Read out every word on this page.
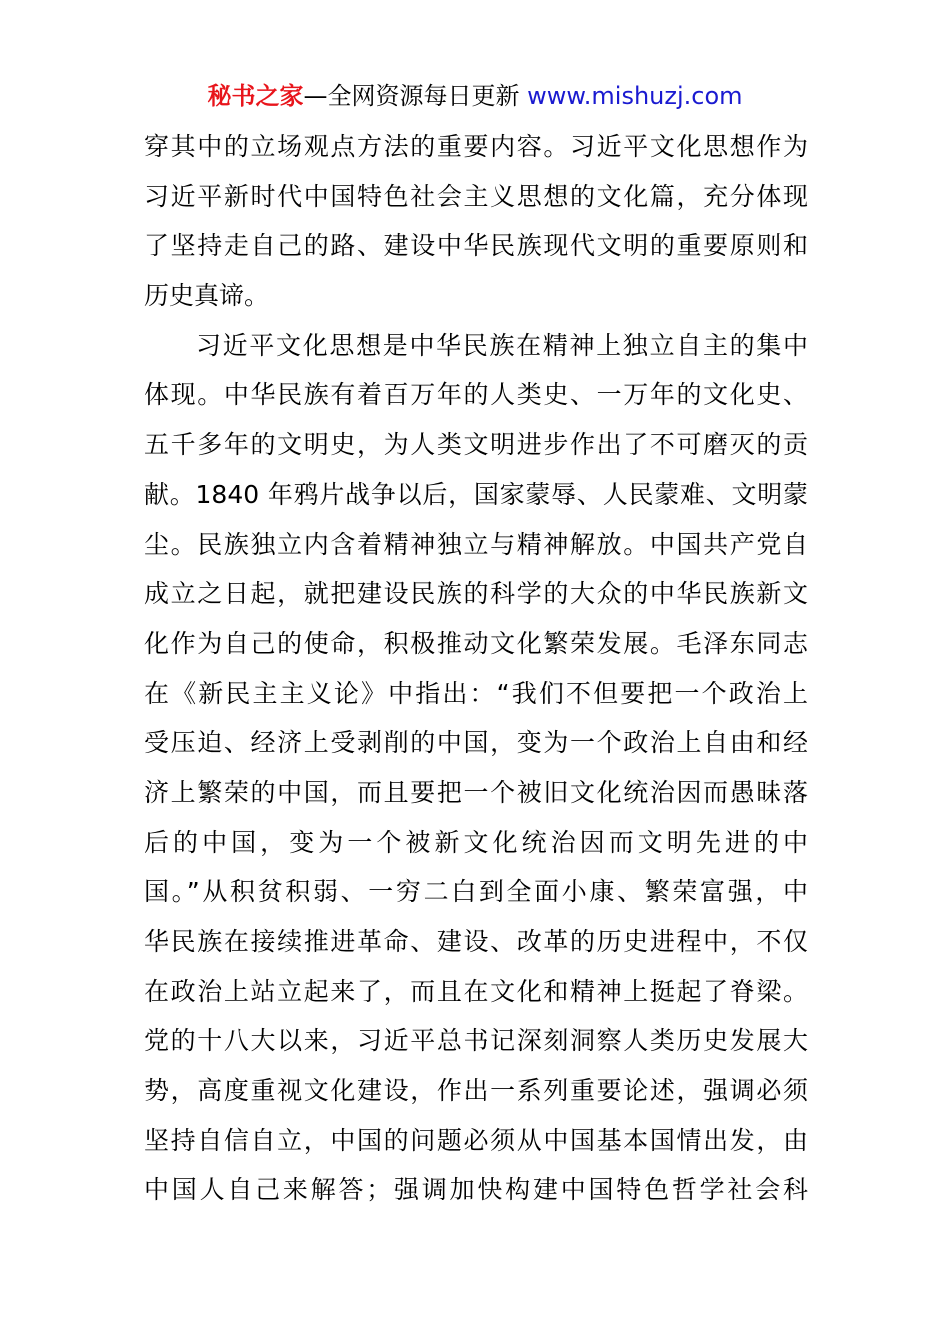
秘书之家—全网资源每日更新 www.mishuzj.com
穿其中的立场观点方法的重要内容。习近平文化思想作为
习近平新时代中国特色社会主义思想的文化篇，充分体现
了坚持走自己的路、建设中华民族现代文明的重要原则和
历史真谛。
习近平文化思想是中华民族在精神上独立自主的集中
体现。中华民族有着百万年的人类史、一万年的文化史、
五千多年的文明史，为人类文明进步作出了不可磨灭的贡
献。1840 年鸦片战争以后，国家蒙辱、人民蒙难、文明蒙
尘。民族独立内含着精神独立与精神解放。中国共产党自
成立之日起，就把建设民族的科学的大众的中华民族新文
化作为自己的使命，积极推动文化繁荣发展。毛泽东同志
在《新民主主义论》中指出：“我们不但要把一个政治上
受压迫、经济上受剥削的中国，变为一个政治上自由和经
济上繁荣的中国，而且要把一个被旧文化统治因而愚昧落
后的中国，变为一个被新文化统治因而文明先进的中
国。”从积贫积弱、一穷二白到全面小康、繁荣富强，中
华民族在接续推进革命、建设、改革的历史进程中，不仅
在政治上站立起来了，而且在文化和精神上挺起了脊梁。
党的十八大以来，习近平总书记深刻洞察人类历史发展大
势，高度重视文化建设，作出一系列重要论述，强调必须
坚持自信自立，中国的问题必须从中国基本国情出发，由
中国人自己来解答；强调加快构建中国特色哲学社会科
